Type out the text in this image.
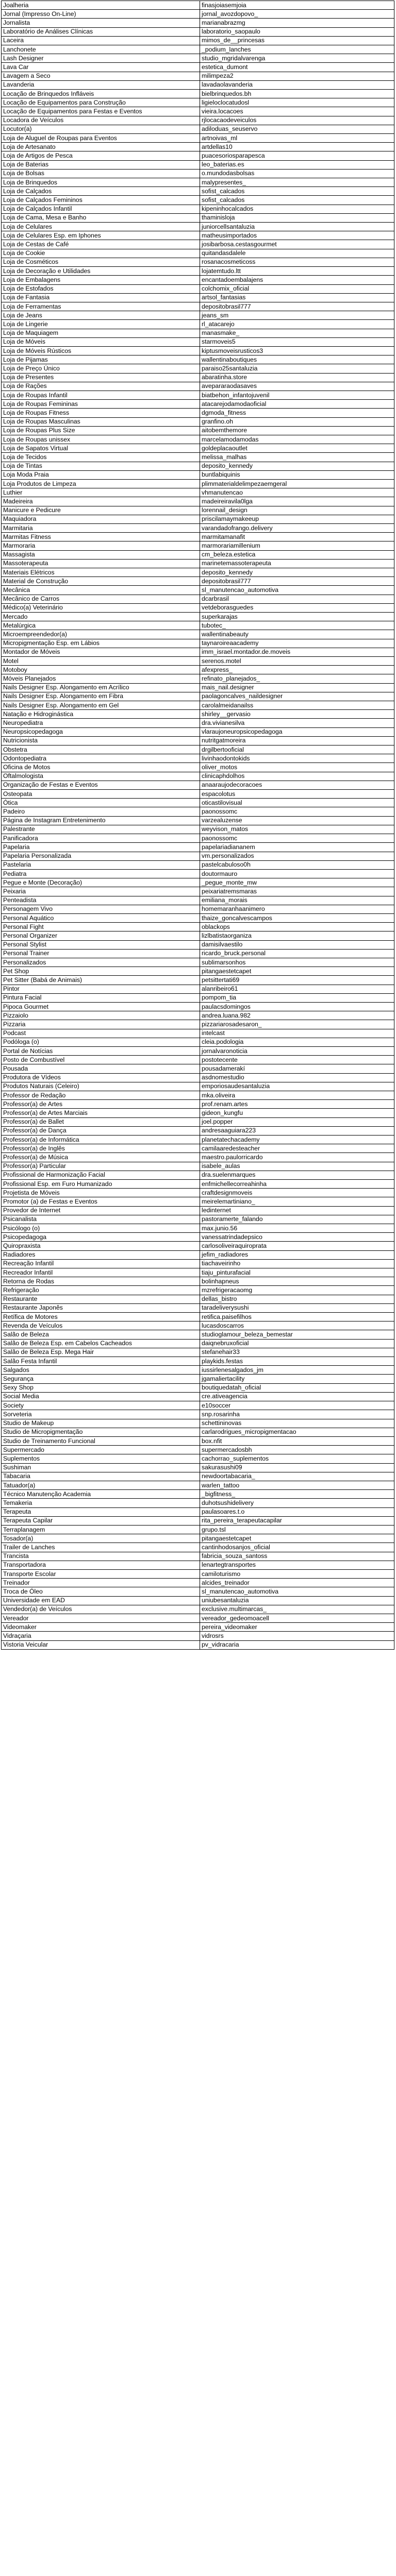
Joalheria	finasjoiasemjoia
Jornal (Impresso On-Line)	jornal_avozdopovo_
Jornalista	marianabrazmg
Laboratório de Análises Clínicas	laboratorio_saopaulo
Laceira	mimos_de__princesas
Lanchonete	_podium_lanches
Lash Designer	studio_mgridalvarenga
Lava Car	estetica_dumont
Lavagem a Seco	milimpeza2
Lavanderia	lavadaolavanderia
Locação de Brinquedos Infláveis	bielbrinquedos.bh
Locação de Equipamentos para Construção	ligieloclocatudosl
Locação de Equipamentos para Festas e Eventos	vieira.locacoes
Locadora de Veículos	rjlocacaodeveiculos
Locutor(a)	adiloduas_seuservo
Loja de Aluguel de Roupas para Eventos	artnoivas_ml
Loja de Artesanato	artdellas10
Loja de Artigos de Pesca	puacesoriosparapesca
Loja de Baterias	leo_baterias.es
Loja de Bolsas	o.mundodasbolsas
Loja de Brinquedos	malypresentes_
Loja de Calçados	sofist_calcados
Loja de Calçados Femininos	sofist_calcados
Loja de Calçados Infantil	kipeninhocalcados
Loja de Cama, Mesa e Banho	thaminisloja
Loja de Celulares	juniorcellsantaluzia
Loja de Celulares Esp. em Iphones	matheusimportados
Loja de Cestas de Café	josibarbosa.cestasgourmet
Loja de Cookie	quitandasdalele
Loja de Cosméticos	rosanacosmeticoss
Loja de Decoração e Utilidades	lojatemtudo.ltt
Loja de Embalagens	encantadoembalajens
Loja de Estofados	colchomix_oficial
Loja de Fantasia	artsol_fantasias
Loja de Ferramentas	depositobrasil777
Loja de Jeans	jeans_sm
Loja de Lingerie	rl_atacarejo
Loja de Maquiagem	manasmake_
Loja de Móveis	starmoveis5
Loja de Móveis Rústicos	kiptusmoveisrusticos3
Loja de Pijamas	wallentinaboutiques
Loja de Preço Único	paraiso25santaluzia
Loja de Presentes	abaratinha.store
Loja de Rações	avepararaodasaves
Loja de Roupas Infantil	biatbehon_infantojuvenil
Loja de Roupas Femininas	atacarejodamodaoficial
Loja de Roupas Fitness	dgmoda_fitness
Loja de Roupas Masculinas	granfino.oh
Loja de Roupas Plus Size	aitobemthemore
Loja de Roupas unissex	marcelamodamodas
Loja de Sapatos Virtual	goldeplacaoutlet
Loja de Tecidos	melissa_malhas
Loja de Tintas	deposito_kennedy
Loja Moda Praia	buntlabiquinis
Loja Produtos de Limpeza	plimmaterialdelimpezaemgeral
Luthier	vhmanutencao
Madeireira	madeireiravila0lga
Manicure e Pedicure	lorennail_design
Maquiadora	priscilamaymakeeup
Marmitaria	varandadofrango.delivery
Marmitas Fitness	marmitamanafit
Marmoraria	marmorariamillenium
Massagista	cm_beleza.estetica
Massoterapeuta	marinetemassoterapeuta
Materiais Elétricos	deposito_kennedy
Material de Construção	depositobrasil777
Mecânica	sl_manutencao_automotiva
Mecânico de Carros	dcarbrasil
Médico(a) Veterinário	vetdeborasguedes
Mercado	superkarajas
Metalúrgica	tubotec_
Microempreendedor(a)	wallentinabeauty
Micropigmentação Esp. em Lábios	taynaroireaacademy
Montador de Móveis	imm_israel.montador.de.moveis
Motel	serenos.motel
Motoboy	afexpress_
Móveis Planejados	refinato_planejados_
Nails Designer Esp. Alongamento em Acrílico	mais_nail.designer
Nails Designer Esp. Alongamento em Fibra	paolagoncalves_naildesigner
Nails Designer Esp. Alongamento em Gel	carolalmeidanailss
Natação e Hidroginástica	shirley__gervasio
Neuropediatra	dra.vivianesilva
Neuropsicopedagoga	vlaraujoneuropsicopedagoga
Nutricionista	nutritgatmoreira
Obstetra	drgilbertooficial
Odontopediatra	livinhaodontokids
Oficina de Motos	oliver_motos
Oftalmologista	clinicaphdolhos
Organização de Festas e Eventos	anaaraujodecoracoes
Osteopata	espacolotus
Ótica	oticastilovisual
Padeiro	paonossomc
Página de Instagram Entretenimento	varzealuzense
Palestrante	weyvison_matos
Panificadora	paonossomc
Papelaria	papelariadiananem
Papelaria Personalizada	vm.personalizados
Pastelaria	pastelcabuloso0h
Pediatra	doutormauro
Pegue e Monte (Decoração)	_pegue_monte_mw
Peixaria	peixariatremsmaras
Penteadista	emiliana_morais
Personagem Vivo	homemaranhaanimero
Personal Aquático	thaize_goncalvescampos
Personal Fight	oblackops
Personal Organizer	lizlbatistaorganiza
Personal Stylist	damisilvaestilo
Personal Trainer	ricardo_bruck.personal
Personalizados	sublimarsonhos
Pet Shop	pitangaestetcapet
Pet Sitter (Babá de Animais)	petsittertati69
Pintor	alanribeiro61
Pintura Facial	pompom_tia
Pipoca Gourmet	paulacsdomingos
Pizzaiolo	andrea.luana.982
Pizzaria	pizzariarosadesaron_
Podcast	intelcast
Podóloga (o)	cleia.podologia
Portal de Notícias	jornalvaronoticia
Posto de Combustível	postotecente
Pousada	pousadamerakí
Produtora de Vídeos	asdnomestudio
Produtos Naturais (Celeiro)	emporiosaudesantaluzia
Professor de Redação	mka.oliveira
Professor(a) de Artes	prof.renam.artes
Professor(a) de Artes Marciais	gideon_kungfu
Professor(a) de Ballet	joel.popper
Professor(a) de Dança	andresaaguiara223
Professor(a) de Informática	planetatechacademy
Professor(a) de Inglês	camilaaredesteacher
Professor(a) de Música	maestro.paulorricardo
Professor(a) Particular	isabele_aulas
Profissional de Harmonização Facial	dra.suelenmarques
Profissional Esp. em Furo Humanizado	enfmichellecorreahinha
Projetista de Móveis	craftdesignmoveis
Promotor (a) de Festas e Eventos	meirelemartinianο_
Provedor de Internet	ledinternet
Psicanalista	pastoramerte_falando
Psicólogo (o)	max.junio.56
Psicopedagoga	vanessatrindadepsico
Quiropraxista	carlosoliveiraquiroprata
Radiadores	jefim_radiadores
Recreação Infantil	tiachaveirinho
Recreador Infantil	tiaju_pinturafacial
Retorna de Rodas	bolinhapneus
Refrigeração	mzrefrigeracaomg
Restaurante	dellas_bistro
Restaurante Japonês	taradeliverysushi
Retífica de Motores	retifica.paisefilhos
Revenda de Veículos	lucasdoscarros
Salão de Beleza	studioglamour_beleza_bemestar
Salão de Beleza Esp. em Cabelos Cacheados	daiqnebruxoficial
Salão de Beleza Esp. Mega Hair	stefanehair33
Salão Festa Infantil	playkids.festas
Salgados	iussirlenesalgados_jm
Segurança	jgamaliertacility
Sexy Shop	boutiquedatah_oficial
Social Media	cre.ativeagencia
Society	e10soccer
Sorveteria	snp.rosarinha
Studio de Makeup	schettininovas
Studio de Micropigmentação	carlarodrigues_micropigmentacao
Studio de Treinamento Funcional	box.nfit
Supermercado	supermercadosbh
Suplementos	cachorrao_suplementos
Sushiman	sakurasushi09
Tabacaria	newdoortabacaria_
Tatuador(a)	warlen_tattoo
Técnico Manutenção Academia	_bigfitness_
Temakeria	duhotsushidelivery
Terapeuta	paulasoares.t.o
Terapeuta Capilar	rita_pereira_terapeutacapilar
Terraplanagem	grupo.tsl
Tosador(a)	pitangaestetcapet
Trailer de Lanches	cantinhodosanjos_oficial
Trancista	fabricia_souza_santoss
Transportadora	lenartegtransportes
Transporte Escolar	camiloturismo
Treinador	alcides_treinador
Troca de Óleo	sl_manutencao_automotiva
Universidade em EAD	uniubesantaluzia
Vendedor(a) de Veículos	exclusive.multimarcas_
Vereador	vereador_gedeomoacell
Videomaker	pereira_videomaker
Vidraçaria	vidrosrs
Vistoria Veicular	pv_vidracaria
